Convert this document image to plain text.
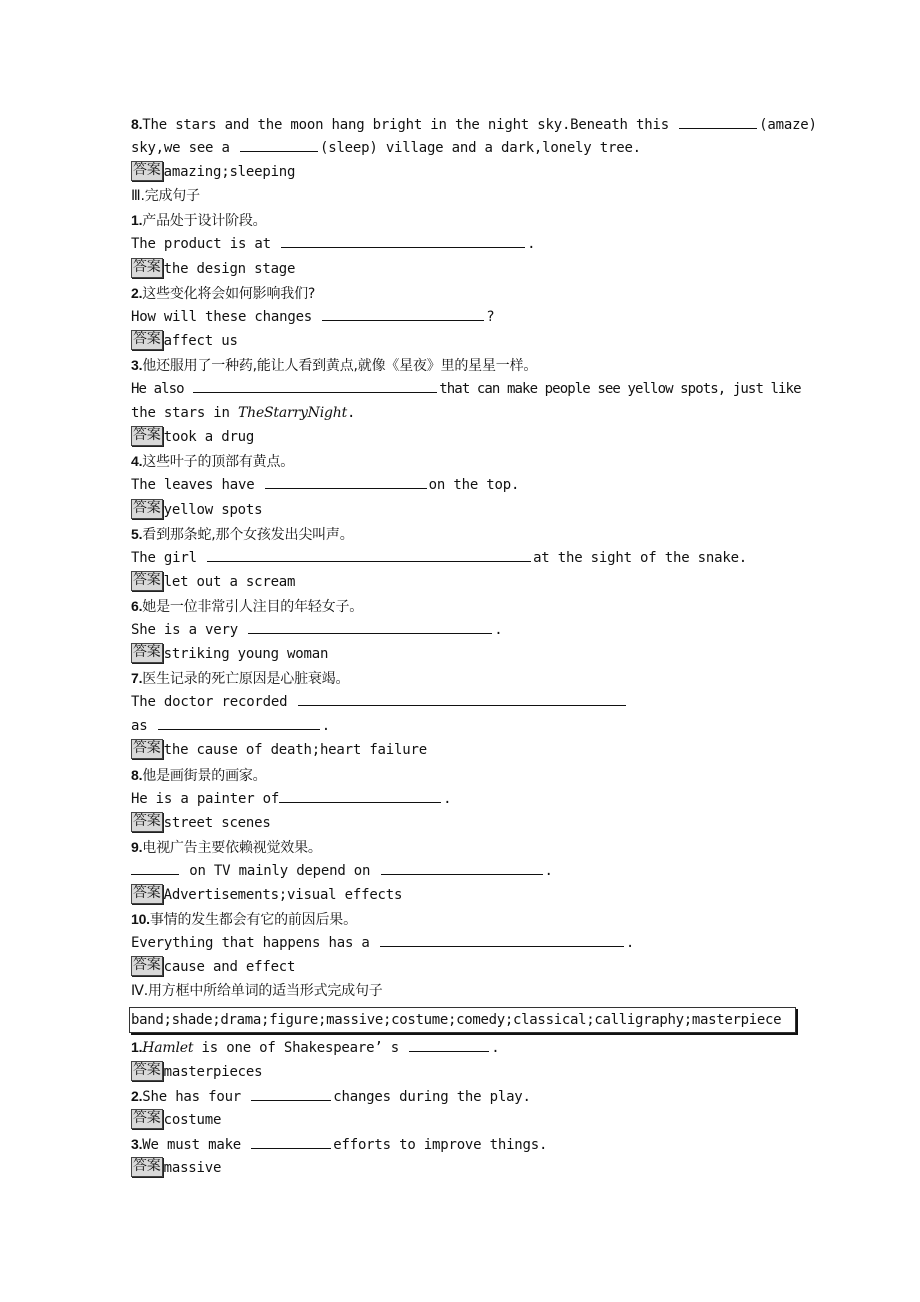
8.The stars and the moon hang bright in the night sky.Beneath this	(amaze)
sky,we see a	(sleep) village and a dark,lonely tree.
答案 amazing;sleeping
Ⅲ.完成句子
1.产品处于设计阶段。
The product is at	.
答案 the design stage
2.这些变化将会如何影响我们?
How will these changes	?
答案 affect us
3.他还服用了一种药,能让人看到黄点,就像《星夜》里的星星一样。
He also	that can make people see yellow spots, just like
the stars in TheStarryNight.
答案 took a drug
4.这些叶子的顶部有黄点。
The leaves have	on the top.
答案 yellow spots
5.看到那条蛇,那个女孩发出尖叫声。
The girl	at the sight of the snake.
答案 let out a scream
6.她是一位非常引人注目的年轻女子。
She is a very	.
答案 striking young woman
7.医生记录的死亡原因是心脏衰竭。
The doctor recorded
as	.
答案 the cause of death;heart failure
8.他是画街景的画家。
He is a painter of	.
答案 street scenes
9.电视广告主要依赖视觉效果。
on TV mainly depend on	.
答案 Advertisements;visual effects
10.事情的发生都会有它的前因后果。
Everything that happens has a	.
答案 cause and effect
Ⅳ.用方框中所给单词的适当形式完成句子
band;shade;drama;figure;massive;costume;comedy;classical;calligraphy;masterpiece
1.Hamlet is one of Shakespeare’ s	.
答案 masterpieces
2.She has four	changes during the play.
答案 costume
3.We must make	efforts to improve things.
答案 massive
